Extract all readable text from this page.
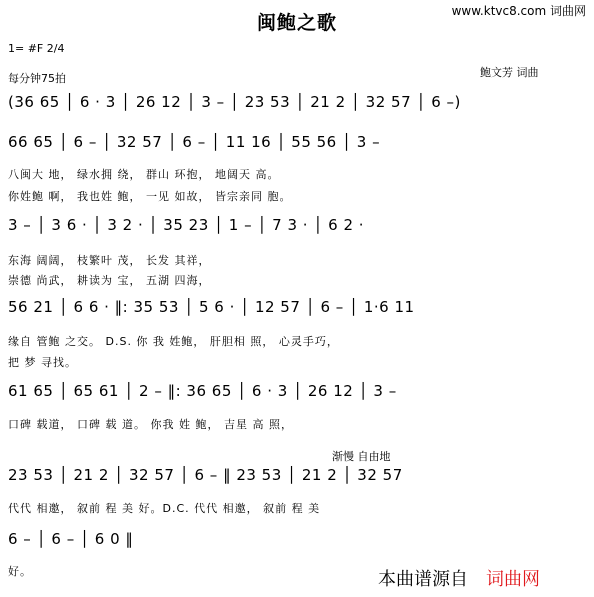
闽鲍之歌
www.ktvc8.com 词曲网
1= #F 2/4
每分钟75拍	鲍文芳 词曲
(36 65 │ 6 · 3 │ 26 12 │ 3 – │ 23 53 │ 21 2 │ 32 57 │ 6 –)
66 65 │ 6 – │ 32 57 │ 6 – │ 11 16 │ 55 56 │ 3 –
八闽大 地， 绿水拥 绕， 群山 环抱， 地阔天 高。
你姓鲍 啊， 我也姓 鲍， 一见 如故， 皆宗亲同 胞。
3 – │ 3 6 · │ 3 2 · │ 35 23 │ 1 – │ 7 3 · │ 6 2 ·
东海 阔阔， 枝繁叶 茂， 长发 其祥，
崇德 尚武， 耕读为 宝， 五湖 四海，
56 21 │ 6 6 · ‖: 35 53 │ 5 6 · │ 12 57 │ 6 – │ 1·6 11
缘自 管鲍 之交。 D.S. 你 我 姓鲍， 肝胆相 照， 心灵手巧，
把 梦 寻找。
61 65 │ 65 61 │ 2 – ‖: 36 65 │ 6 · 3 │ 26 12 │ 3 –
口碑 载道， 口碑 载 道。 你我 姓 鲍， 吉星 高 照，
渐慢 自由地
23 53 │ 21 2 │ 32 57 │ 6 – ‖ 23 53 │ 21 2 │ 32 57
代代 相邀， 叙前 程 美 好。D.C. 代代 相邀， 叙前 程 美
6 – │ 6 – │ 6 0 ‖
好。	本曲谱源自 词曲网
